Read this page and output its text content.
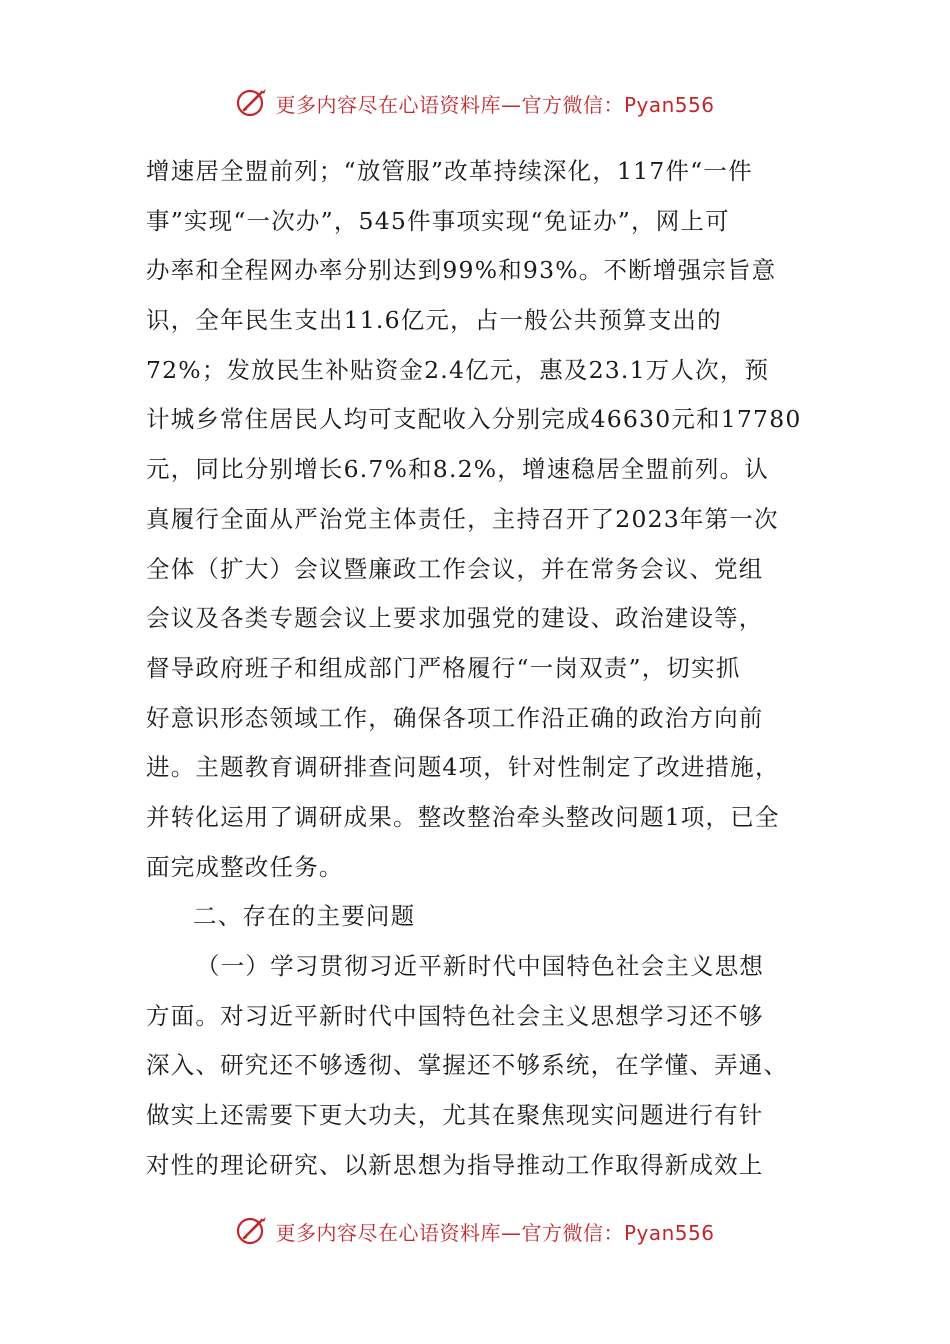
更多内容尽在心语资料库—官方微信：Pyan556
增速居全盟前列；“放管服”改革持续深化，117件“一件
事”实现“一次办”，545件事项实现“免证办”，网上可
办率和全程网办率分别达到99%和93%。不断增强宗旨意
识，全年民生支出11.6亿元，占一般公共预算支出的
72%；发放民生补贴资金2.4亿元，惠及23.1万人次，预
计城乡常住居民人均可支配收入分别完成46630元和17780
元，同比分别增长6.7%和8.2%，增速稳居全盟前列。认
真履行全面从严治党主体责任，主持召开了2023年第一次
全体（扩大）会议暨廉政工作会议，并在常务会议、党组
会议及各类专题会议上要求加强党的建设、政治建设等，
督导政府班子和组成部门严格履行“一岗双责”，切实抓
好意识形态领域工作，确保各项工作沿正确的政治方向前
进。主题教育调研排查问题4项，针对性制定了改进措施，
并转化运用了调研成果。整改整治牵头整改问题1项，已全
面完成整改任务。
二、存在的主要问题
（一）学习贯彻习近平新时代中国特色社会主义思想
方面。对习近平新时代中国特色社会主义思想学习还不够
深入、研究还不够透彻、掌握还不够系统，在学懂、弄通、
做实上还需要下更大功夫，尤其在聚焦现实问题进行有针
对性的理论研究、以新思想为指导推动工作取得新成效上
更多内容尽在心语资料库—官方微信：Pyan556
